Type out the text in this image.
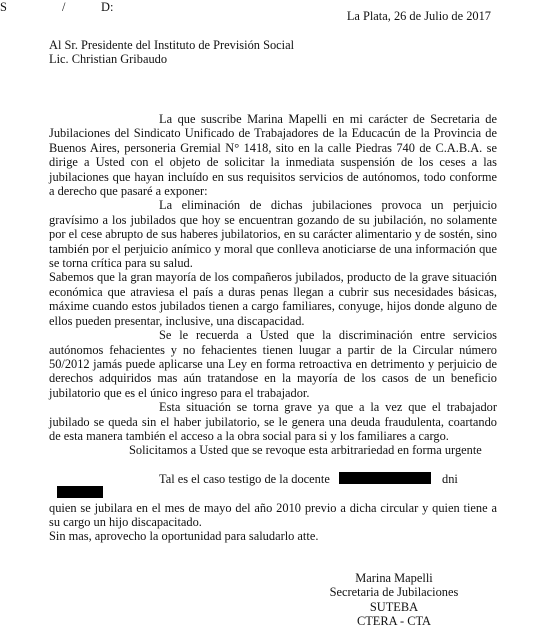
La Plata, 26 de Julio de 2017
Al Sr. Presidente del Instituto de Previsión Social
Lic. Christian Gribaudo
S	/	D:

La que suscribe Marina Mapelli en mi carácter de Secretaria de Jubilaciones del Sindicato Unificado de Trabajadores de la Educacún de la Provincia de Buenos Aires, personeria Gremial N° 1418, sito en la calle Piedras 740 de C.A.B.A. se dirige a Usted con el objeto de solicitar la inmediata suspensión de los ceses a las jubilaciones que hayan incluído en sus requisitos servicios de autónomos, todo conforme a derecho que pasaré a exponer:

La eliminación de dichas jubilaciones provoca un perjuicio gravísimo a los jubilados que hoy se encuentran gozando de su jubilación, no solamente por el cese abrupto de sus haberes jubilatorios, en su carácter alimentario y de sostén, sino también por el perjuicio anímico y moral que conlleva anoticiarse de una información que se torna crítica para su salud.

Sabemos que la gran mayoría de los compañeros jubilados, producto de la grave situación económica que atraviesa el país a duras penas llegan a cubrir sus necesidades básicas, máxime cuando estos jubilados tienen a cargo familiares, conyuge, hijos donde alguno de ellos pueden presentar, inclusive, una discapacidad.

Se le recuerda a Usted que la discriminación entre servicios autónomos fehacientes y no fehacientes tienen luugar a partir de la Circular número 50/2012 jamás puede aplicarse una Ley en forma retroactiva en detrimento y perjuicio de derechos adquiridos mas aún tratandose en la mayoría de los casos de un beneficio jubilatorio que es el único ingreso para el trabajador.

Esta situación se torna grave ya que a la vez que el trabajador jubilado se queda sin el haber jubilatorio, se le genera una deuda fraudulenta, coartando de esta manera también el acceso a la obra social para si y los familiares a cargo.

Solicitamos a Usted que se revoque esta arbitrariedad en forma urgente

Tal es el caso testigo de la docente	dni

quien se jubilara en el mes de mayo del año 2010 previo a dicha circular y quien tiene a su cargo un hijo discapacitado.

Sin mas, aprovecho la oportunidad para saludarlo atte.

Marina Mapelli
Secretaria de Jubilaciones
SUTEBA
CTERA - CTA
